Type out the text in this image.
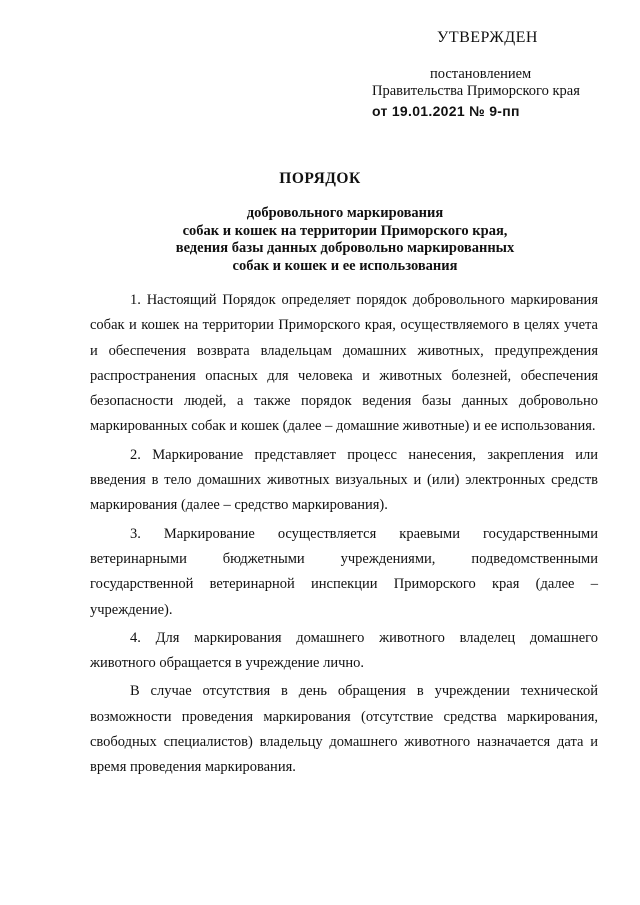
УТВЕРЖДЕН
постановлением
Правительства Приморского края
от 19.01.2021 № 9-пп
ПОРЯДОК
добровольного маркирования
собак и кошек на территории Приморского края,
ведения базы данных добровольно маркированных
собак и кошек и ее использования

1. Настоящий Порядок определяет порядок добровольного маркирования собак и кошек на территории Приморского края, осуществляемого в целях учета и обеспечения возврата владельцам домашних животных, предупреждения распространения опасных для человека и животных болезней, обеспечения безопасности людей, а также порядок ведения базы данных добровольно маркированных собак и кошек (далее – домашние животные) и ее использования.

2. Маркирование представляет процесс нанесения, закрепления или введения в тело домашних животных визуальных и (или) электронных средств маркирования (далее – средство маркирования).

3. Маркирование осуществляется краевыми государственными ветеринарными бюджетными учреждениями, подведомственными государственной ветеринарной инспекции Приморского края (далее – учреждение).

4. Для маркирования домашнего животного владелец домашнего животного обращается в учреждение лично.

В случае отсутствия в день обращения в учреждении технической возможности проведения маркирования (отсутствие средства маркирования, свободных специалистов) владельцу домашнего животного назначается дата и время проведения маркирования.
